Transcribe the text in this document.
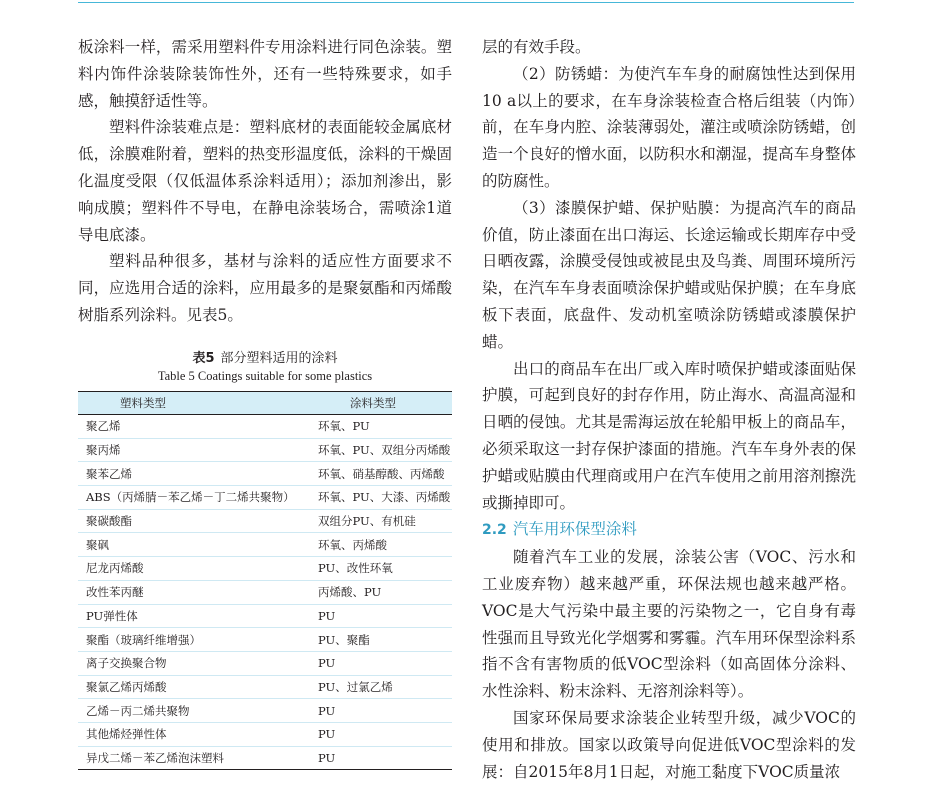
板涂料一样，需采用塑料件专用涂料进行同色涂装。塑料内饰件涂装除装饰性外，还有一些特殊要求，如手感，触摸舒适性等。

塑料件涂装难点是：塑料底材的表面能较金属底材低，涂膜难附着，塑料的热变形温度低，涂料的干燥固化温度受限（仅低温体系涂料适用）；添加剂渗出，影响成膜；塑料件不导电，在静电涂装场合，需喷涂1道导电底漆。

塑料品种很多，基材与涂料的适应性方面要求不同，应选用合适的涂料，应用最多的是聚氨酯和丙烯酸树脂系列涂料。见表5。

表5 部分塑料适用的涂料
Table 5 Coatings suitable for some plastics
塑料类型	涂料类型
聚乙烯	环氧、PU
聚丙烯	环氧、PU、双组分丙烯酸
聚苯乙烯	环氧、硝基醇酸、丙烯酸
ABS（丙烯腈－苯乙烯－丁二烯共聚物）	环氧、PU、大漆、丙烯酸
聚碳酸酯	双组分PU、有机硅
聚砜	环氧、丙烯酸
尼龙丙烯酸	PU、改性环氧
改性苯丙醚	丙烯酸、PU
PU弹性体	PU
聚酯（玻璃纤维增强）	PU、聚酯
离子交换聚合物	PU
聚氯乙烯丙烯酸	PU、过氯乙烯
乙烯－丙二烯共聚物	PU
其他烯烃弹性体	PU
异戊二烯－苯乙烯泡沫塑料	PU

层的有效手段。

（2）防锈蜡：为使汽车车身的耐腐蚀性达到保用10 a以上的要求，在车身涂装检查合格后组装（内饰）前，在车身内腔、涂装薄弱处，灌注或喷涂防锈蜡，创造一个良好的憎水面，以防积水和潮湿，提高车身整体的防腐性。

（3）漆膜保护蜡、保护贴膜：为提高汽车的商品价值，防止漆面在出口海运、长途运输或长期库存中受日晒夜露，涂膜受侵蚀或被昆虫及鸟粪、周围环境所污染，在汽车车身表面喷涂保护蜡或贴保护膜；在车身底板下表面，底盘件、发动机室喷涂防锈蜡或漆膜保护蜡。

出口的商品车在出厂或入库时喷保护蜡或漆面贴保护膜，可起到良好的封存作用，防止海水、高温高湿和日晒的侵蚀。尤其是需海运放在轮船甲板上的商品车，必须采取这一封存保护漆面的措施。汽车车身外表的保护蜡或贴膜由代理商或用户在汽车使用之前用溶剂擦洗或撕掉即可。

2.2 汽车用环保型涂料

随着汽车工业的发展，涂装公害（VOC、污水和工业废弃物）越来越严重，环保法规也越来越严格。VOC是大气污染中最主要的污染物之一，它自身有毒性强而且导致光化学烟雾和雾霾。汽车用环保型涂料系指不含有害物质的低VOC型涂料（如高固体分涂料、水性涂料、粉末涂料、无溶剂涂料等）。

国家环保局要求涂装企业转型升级，减少VOC的使用和排放。国家以政策导向促进低VOC型涂料的发展：自2015年8月1日起，对施工黏度下VOC质量浓
